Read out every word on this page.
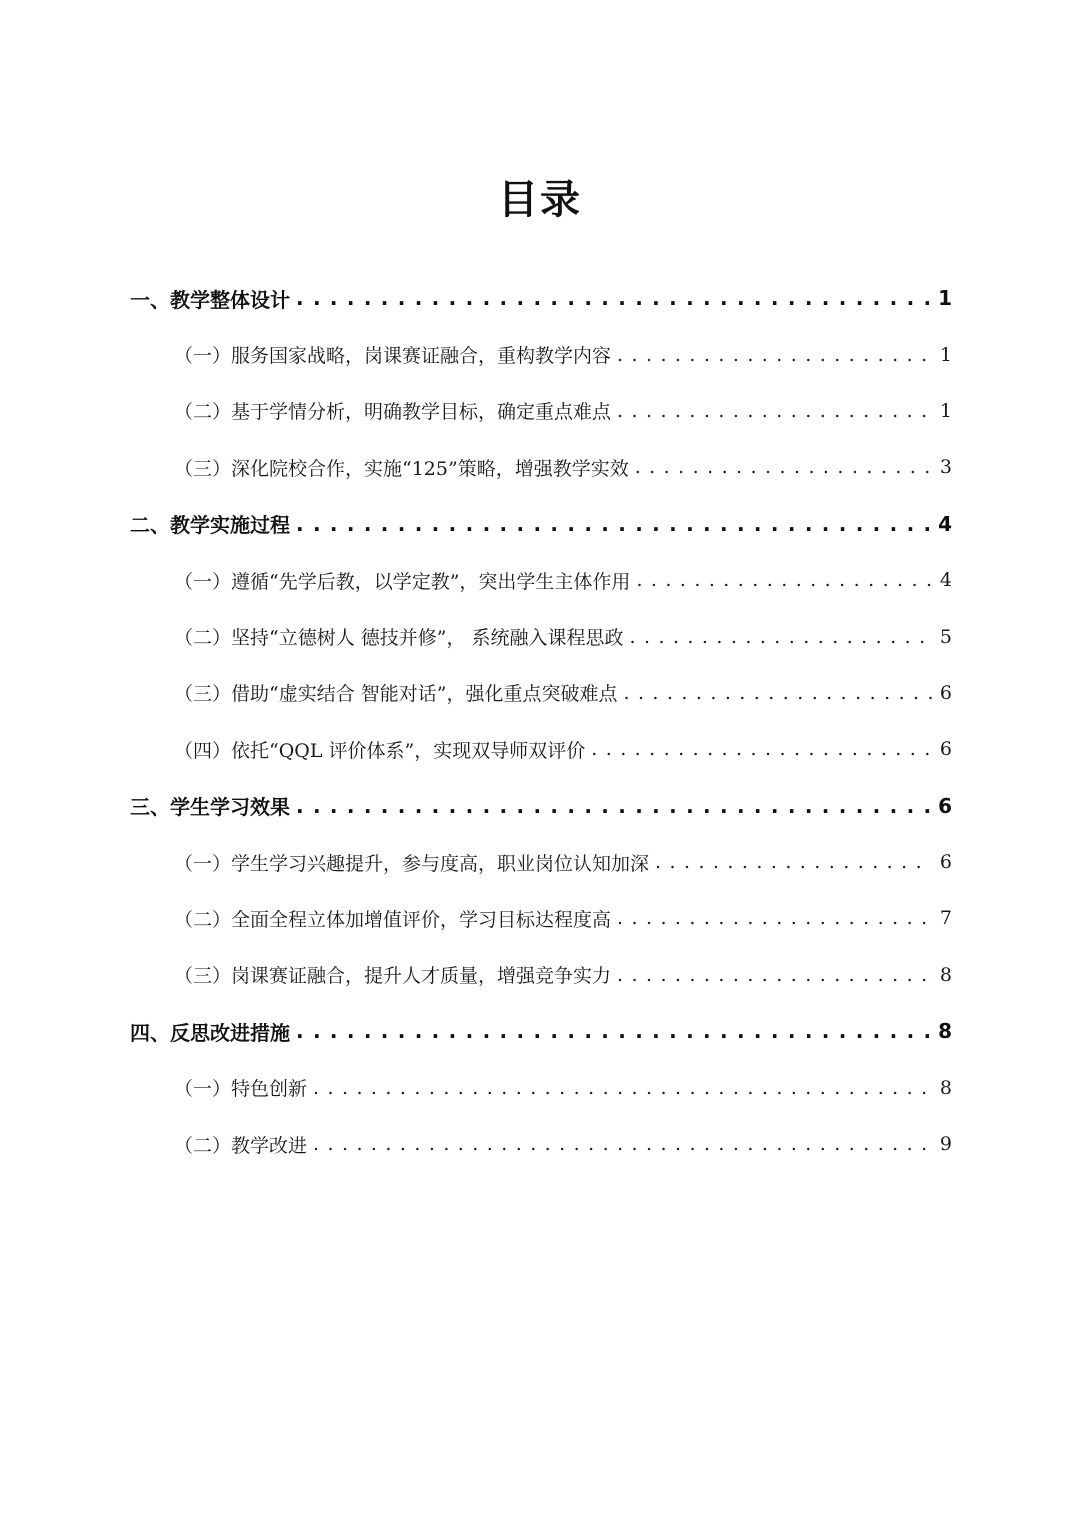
目录
一、教学整体设计 . . .	1
（一）服务国家战略，岗课赛证融合，重构教学内容 . . .	1
（二）基于学情分析，明确教学目标，确定重点难点 . . .	1
（三）深化院校合作，实施“125”策略，增强教学实效 . . .	3
二、教学实施过程 . . .	4
（一）遵循“先学后教，以学定教”，突出学生主体作用 . . .	4
（二）坚持“立德树人 德技并修”， 系统融入课程思政 . . .	5
（三）借助“虚实结合 智能对话”，强化重点突破难点 . . .	6
（四）依托“QQL 评价体系”，实现双导师双评价 . . .	6
三、学生学习效果 . . .	6
（一）学生学习兴趣提升，参与度高，职业岗位认知加深 . . .	6
（二）全面全程立体加增值评价，学习目标达程度高 . . .	7
（三）岗课赛证融合，提升人才质量，增强竞争实力 . . .	8
四、反思改进措施 . . .	8
（一）特色创新 . . .	8
（二）教学改进 . . .	9
